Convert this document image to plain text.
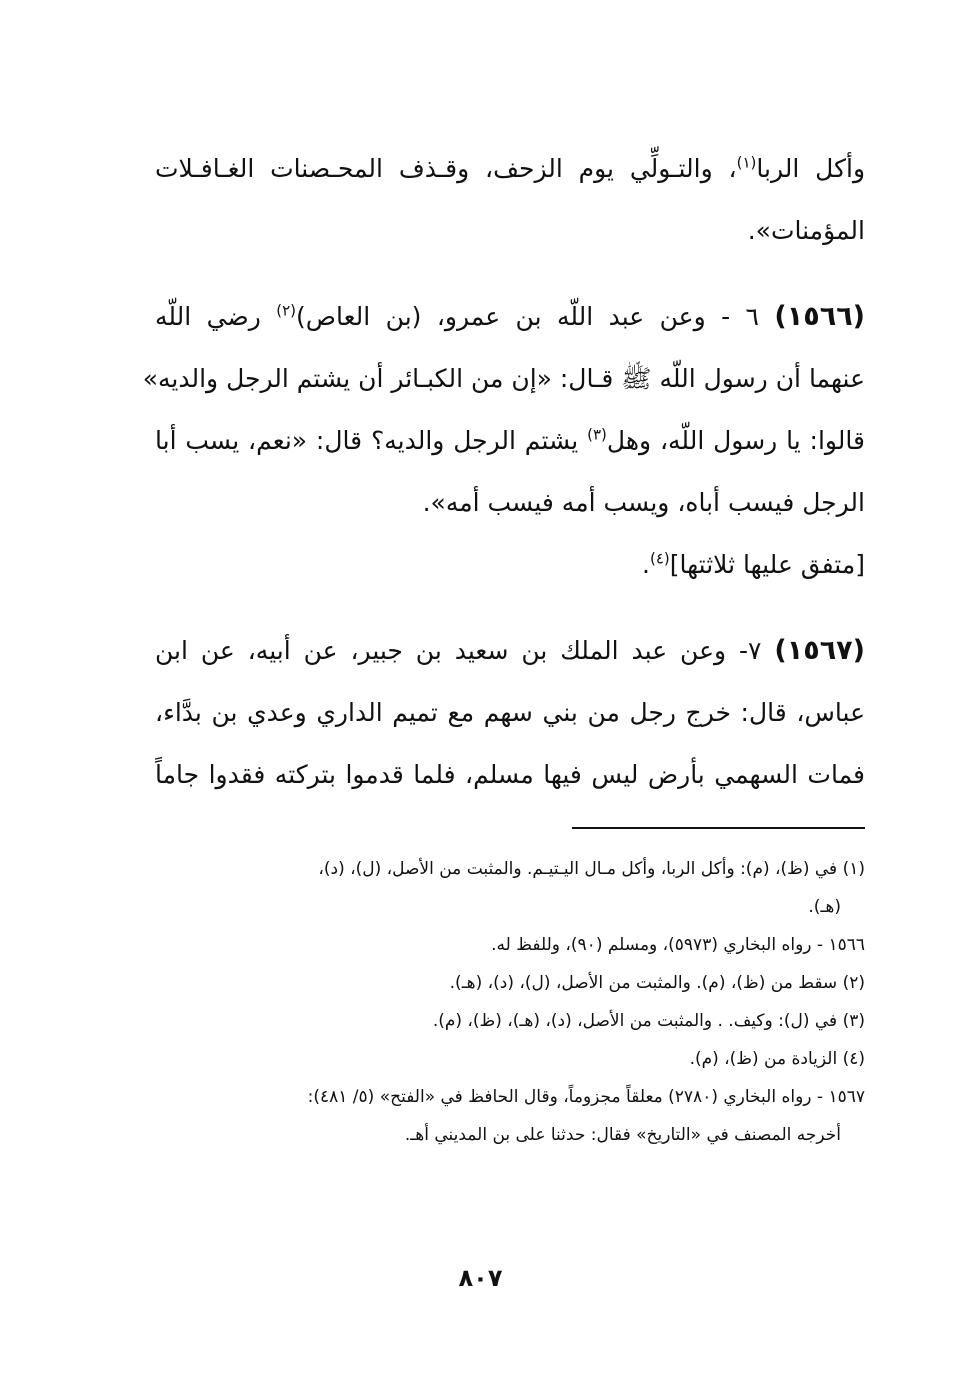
وأكل الربا$^{(١)}$، والتـولِّي يوم الزحف، وقـذف المحـصنات الغـافـلات
المؤمنات».
(١٥٦٦) ٦ - وعن عبد اللّه بن عمرو، (بن العاص)$^{(٢)}$ رضي اللّه
عنهما أن رسول اللّه ﷺ قـال: «إن من الكبـائر أن يشتم الرجل والديه»
قالوا: يا رسول اللّه، وهل$^{(٣)}$ يشتم الرجل والديه؟ قال: «نعم، يسب أبا
الرجل فيسب أباه، ويسب أمه فيسب أمه».
[متفق عليها ثلاثتها]$^{(٤)}$.
(١٥٦٧) ٧- وعن عبد الملك بن سعيد بن جبير، عن أبيه، عن ابن
عباس، قال: خرج رجل من بني سهم مع تميم الداري وعدي بن بدَّاء،
فمات السهمي بأرض ليس فيها مسلم، فلما قدموا بتركته فقدوا جاماً
(١) في (ظ)، (م): وأكل الربا، وأكل مـال اليـتيـم. والمثبت من الأصل، (ل)، (د)،
(هـ).
١٥٦٦ - رواه البخاري (٥٩٧٣)، ومسلم (٩٠)، وللفظ له.
(٢) سقط من (ظ)، (م). والمثبت من الأصل، (ل)، (د)، (هـ).
(٣) في (ل): وكيف. . والمثبت من الأصل، (د)، (هـ)، (ظ)، (م).
(٤) الزيادة من (ظ)، (م).
١٥٦٧ - رواه البخاري (٢٧٨٠) معلقاً مجزوماً، وقال الحافظ في «الفتح» (٥/ ٤٨١):
أخرجه المصنف في «التاريخ» فقال: حدثنا على بن المديني أهـ.
٨٠٧
